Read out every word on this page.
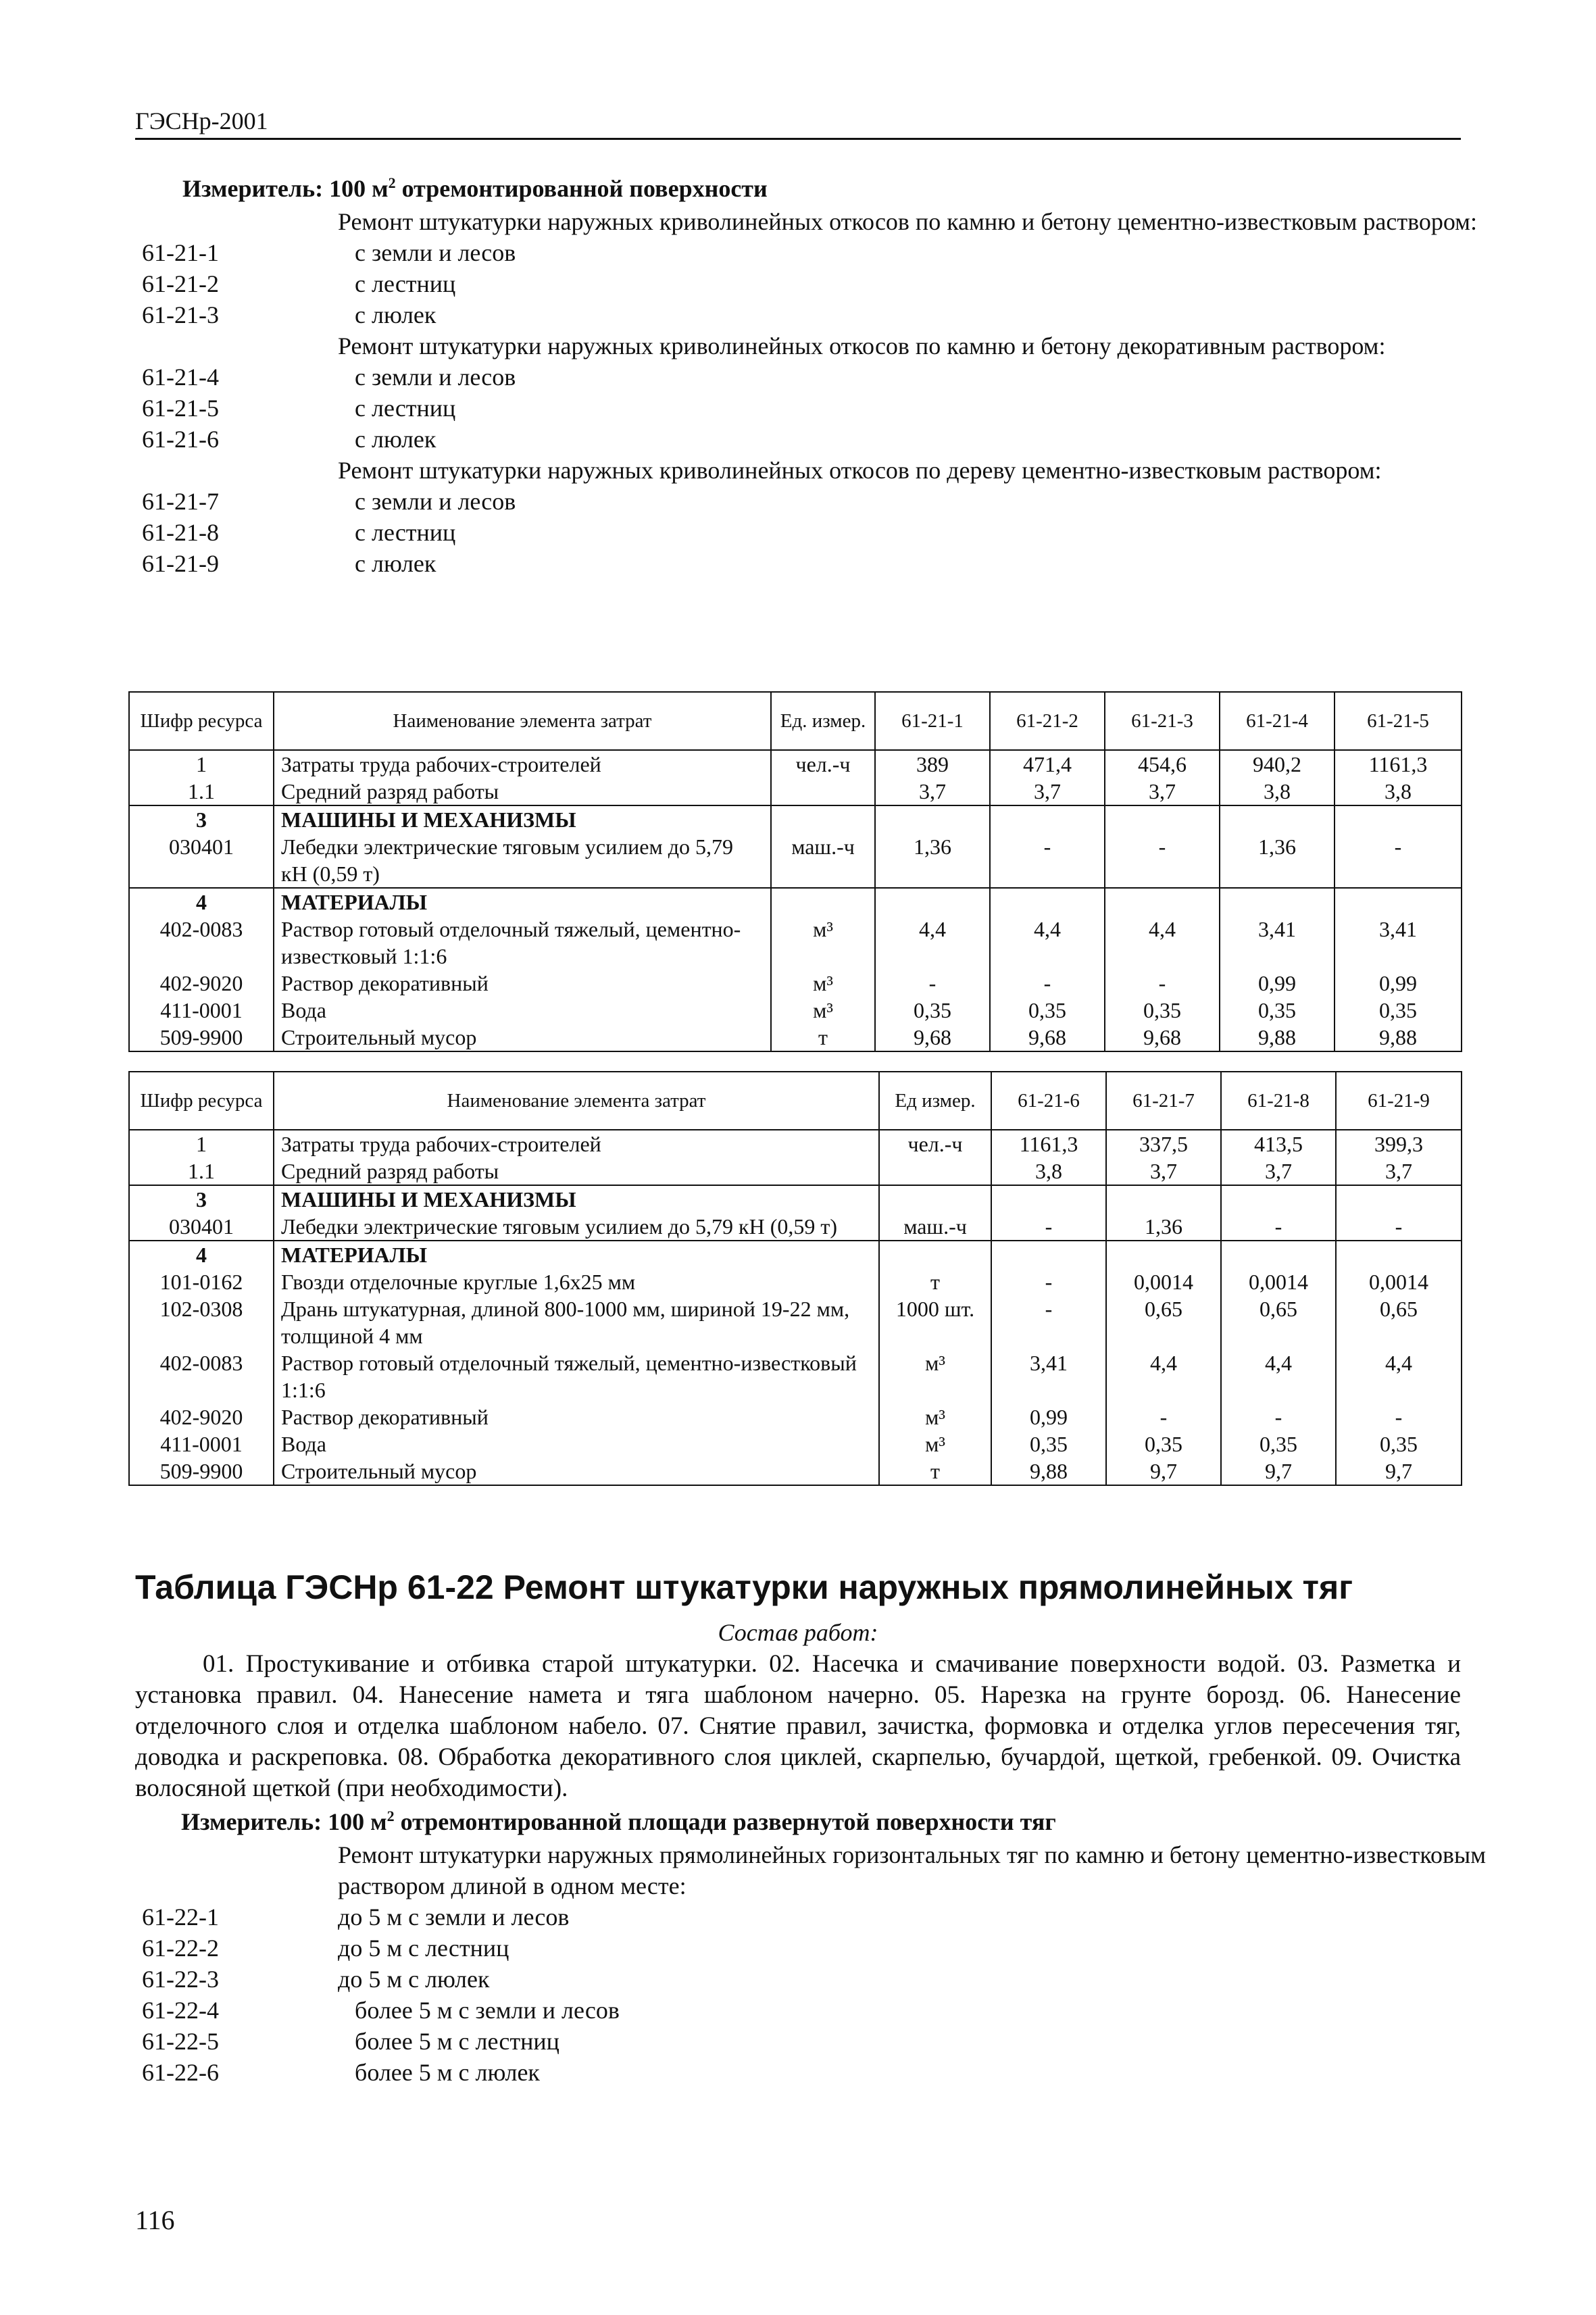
ГЭСНр-2001
Измеритель: 100 $м^2$ отремонтированной поверхности
Ремонт штукатурки наружных криволинейных откосов по камню и бетону цементно-известковым раствором:
61-21-1	с земли и лесов
61-21-2	с лестниц
61-21-3	с люлек
Ремонт штукатурки наружных криволинейных откосов по камню и бетону декоративным раствором:
61-21-4	с земли и лесов
61-21-5	с лестниц
61-21-6	с люлек
Ремонт штукатурки наружных криволинейных откосов по дереву цементно-известковым раствором:
61-21-7	с земли и лесов
61-21-8	с лестниц
61-21-9	с люлек
Шифр ресурса	Наименование элемента затрат	Ед. измер.	61-21-1	61-21-2	61-21-3	61-21-4	61-21-5
1	Затраты труда рабочих-строителей	чел.-ч	389	471,4	454,6	940,2	1161,3
1.1	Средний разряд работы		3,7	3,7	3,7	3,8	3,8
3	МАШИНЫ И МЕХАНИЗМЫ						
030401	Лебедки электрические тяговым усилием до 5,79 кН (0,59 т)	маш.-ч	1,36	-	-	1,36	-
4	МАТЕРИАЛЫ						
402-0083	Раствор готовый отделочный тяжелый, цементно-известковый 1:1:6	м³	4,4	4,4	4,4	3,41	3,41
402-9020	Раствор декоративный	м³	-	-	-	0,99	0,99
411-0001	Вода	м³	0,35	0,35	0,35	0,35	0,35
509-9900	Строительный мусор	т	9,68	9,68	9,68	9,88	9,88
Шифр ресурса	Наименование элемента затрат	Ед измер.	61-21-6	61-21-7	61-21-8	61-21-9
1	Затраты труда рабочих-строителей	чел.-ч	1161,3	337,5	413,5	399,3
1.1	Средний разряд работы		3,8	3,7	3,7	3,7
3	МАШИНЫ И МЕХАНИЗМЫ					
030401	Лебедки электрические тяговым усилием до 5,79 кН (0,59 т)	маш.-ч	-	1,36	-	-
4	МАТЕРИАЛЫ					
101-0162	Гвозди отделочные круглые 1,6х25 мм	т	-	0,0014	0,0014	0,0014
102-0308	Дрань штукатурная, длиной 800-1000 мм, шириной 19-22 мм, толщиной 4 мм	1000 шт.	-	0,65	0,65	0,65
402-0083	Раствор готовый отделочный тяжелый, цементно-известковый 1:1:6	м³	3,41	4,4	4,4	4,4
402-9020	Раствор декоративный	м³	0,99	-	-	-
411-0001	Вода	м³	0,35	0,35	0,35	0,35
509-9900	Строительный мусор	т	9,88	9,7	9,7	9,7
Таблица ГЭСНр 61-22 Ремонт штукатурки наружных прямолинейных тяг
Состав работ:
01. Простукивание и отбивка старой штукатурки. 02. Насечка и смачивание поверхности водой. 03. Разметка и установка правил. 04. Нанесение намета и тяга шаблоном начерно. 05. Нарезка на грунте борозд. 06. Нанесение отделочного слоя и отделка шаблоном набело. 07. Снятие правил, зачистка, формовка и отделка углов пересечения тяг, доводка и раскреповка. 08. Обработка декоративного слоя циклей, скарпелью, бучардой, щеткой, гребенкой. 09. Очистка волосяной щеткой (при необходимости).
Измеритель: 100 $м^2$ отремонтированной площади развернутой поверхности тяг
Ремонт штукатурки наружных прямолинейных горизонтальных тяг по камню и бетону цементно-известковым раствором длиной в одном месте:
61-22-1	до 5 м с земли и лесов
61-22-2	до 5 м с лестниц
61-22-3	до 5 м с люлек
61-22-4	более 5 м с земли и лесов
61-22-5	более 5 м с лестниц
61-22-6	более 5 м с люлек
116
